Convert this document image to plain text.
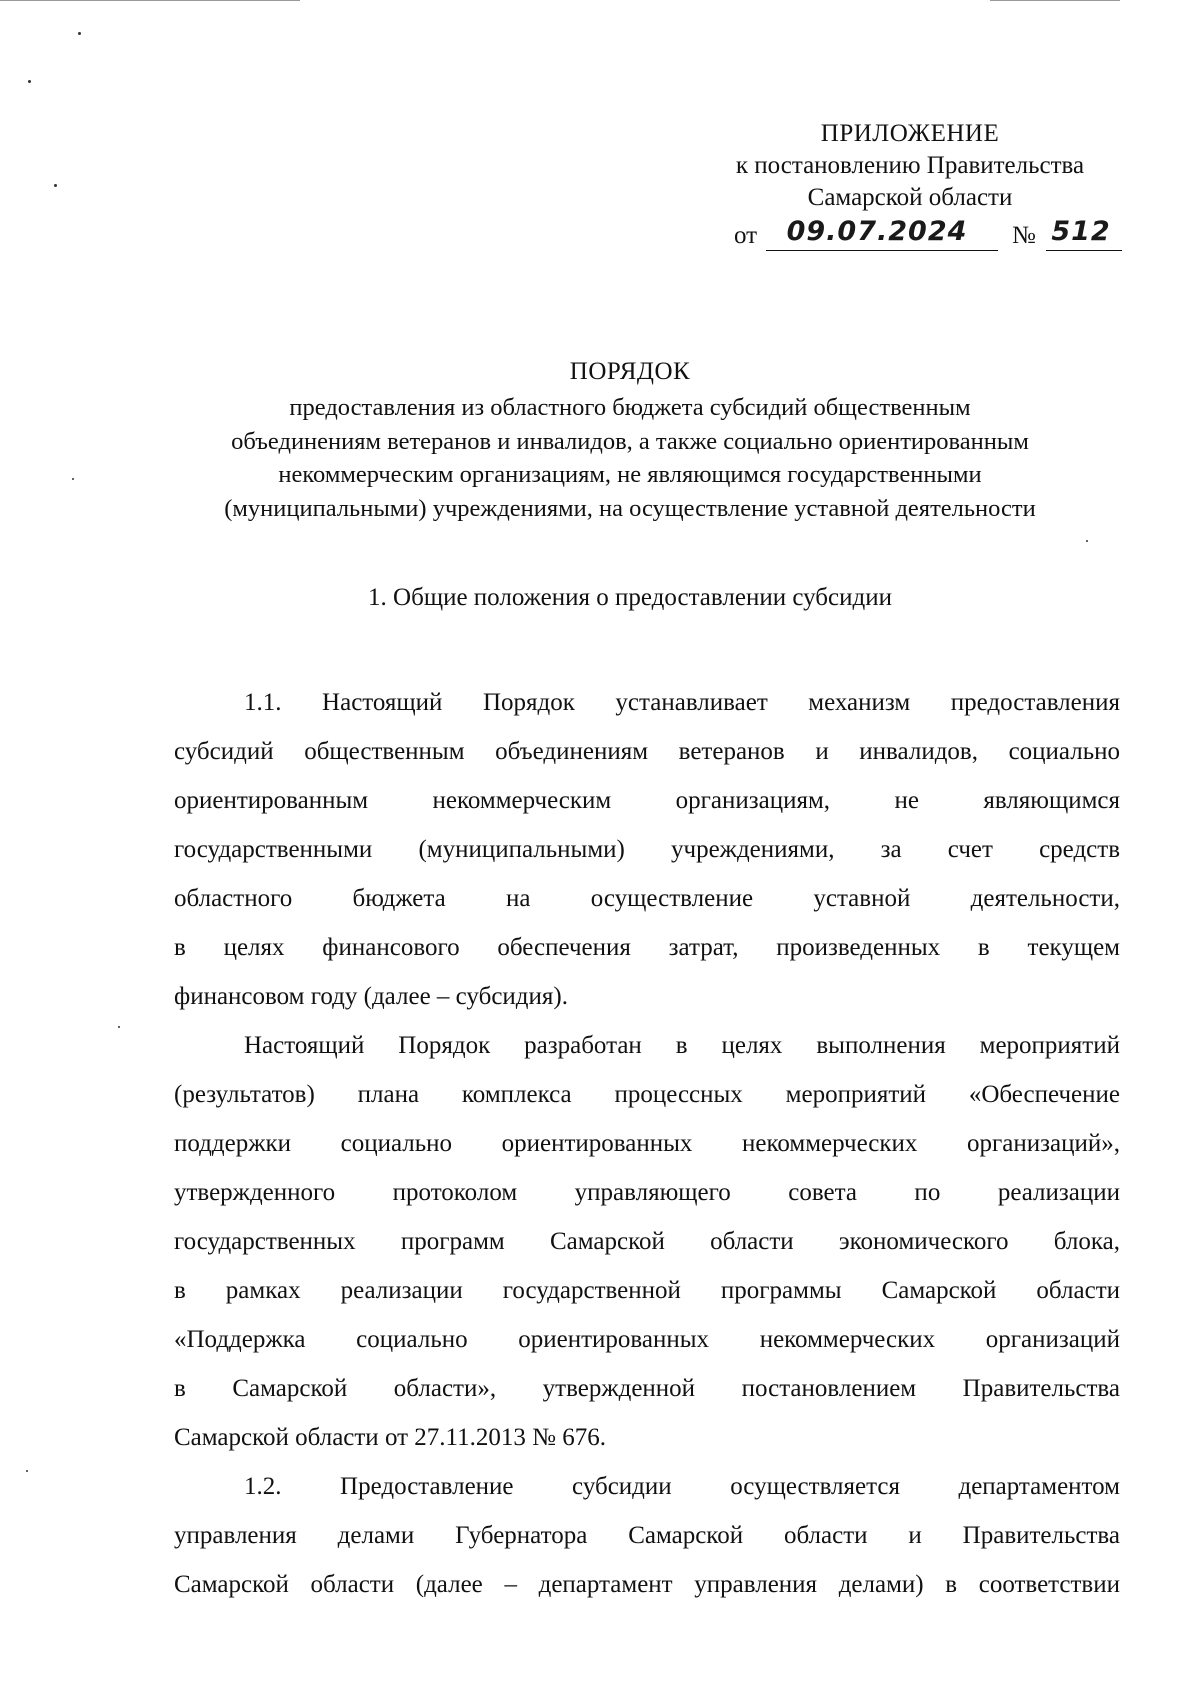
ПРИЛОЖЕНИЕ
к постановлению Правительства
Самарской области
от	09.07.2024	№ 512
ПОРЯДОК
предоставления из областного бюджета субсидий общественным
объединениям ветеранов и инвалидов, а также социально ориентированным
некоммерческим организациям, не являющимся государственными
(муниципальными) учреждениями, на осуществление уставной деятельности
1. Общие положения о предоставлении субсидии
1.1. Настоящий Порядок устанавливает механизм предоставления
субсидий общественным объединениям ветеранов и инвалидов, социально
ориентированным некоммерческим организациям, не являющимся
государственными (муниципальными) учреждениями, за счет средств
областного бюджета на осуществление уставной деятельности,
в целях финансового обеспечения затрат, произведенных в текущем
финансовом году (далее – субсидия).
Настоящий Порядок разработан в целях выполнения мероприятий
(результатов) плана комплекса процессных мероприятий «Обеспечение
поддержки социально ориентированных некоммерческих организаций»,
утвержденного протоколом управляющего совета по реализации
государственных программ Самарской области экономического блока,
в рамках реализации государственной программы Самарской области
«Поддержка социально ориентированных некоммерческих организаций
в Самарской области», утвержденной постановлением Правительства
Самарской области от 27.11.2013 № 676.
1.2. Предоставление субсидии осуществляется департаментом
управления делами Губернатора Самарской области и Правительства
Самарской области (далее – департамент управления делами) в соответствии
